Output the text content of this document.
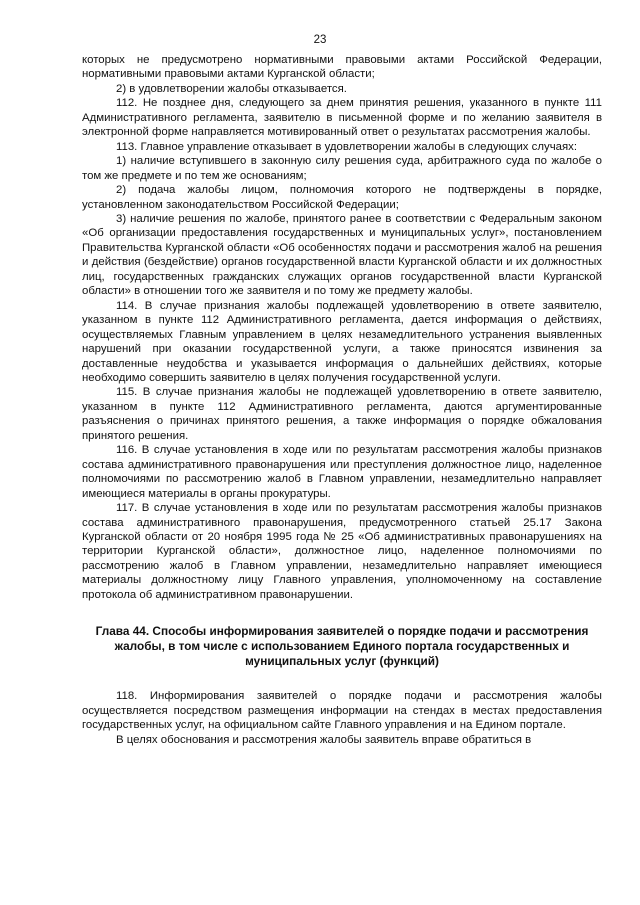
23

которых не предусмотрено нормативными правовыми актами Российской Федерации, нормативными правовыми актами Курганской области;

2) в удовлетворении жалобы отказывается.

112. Не позднее дня, следующего за днем принятия решения, указанного в пункте 111 Административного регламента, заявителю в письменной форме и по желанию заявителя в электронной форме направляется мотивированный ответ о результатах рассмотрения жалобы.

113. Главное управление отказывает в удовлетворении жалобы в следующих случаях:

1) наличие вступившего в законную силу решения суда, арбитражного суда по жалобе о том же предмете и по тем же основаниям;

2) подача жалобы лицом, полномочия которого не подтверждены в порядке, установленном законодательством Российской Федерации;

3) наличие решения по жалобе, принятого ранее в соответствии с Федеральным законом «Об организации предоставления государственных и муниципальных услуг», постановлением Правительства Курганской области «Об особенностях подачи и рассмотрения жалоб на решения и действия (бездействие) органов государственной власти Курганской области и их должностных лиц, государственных гражданских служащих органов государственной власти Курганской области» в отношении того же заявителя и по тому же предмету жалобы.

114. В случае признания жалобы подлежащей удовлетворению в ответе заявителю, указанном в пункте 112 Административного регламента, дается информация о действиях, осуществляемых Главным управлением в целях незамедлительного устранения выявленных нарушений при оказании государственной услуги, а также приносятся извинения за доставленные неудобства и указывается информация о дальнейших действиях, которые необходимо совершить заявителю в целях получения государственной услуги.

115. В случае признания жалобы не подлежащей удовлетворению в ответе заявителю, указанном в пункте 112 Административного регламента, даются аргументированные разъяснения о причинах принятого решения, а также информация о порядке обжалования принятого решения.

116. В случае установления в ходе или по результатам рассмотрения жалобы признаков состава административного правонарушения или преступления должностное лицо, наделенное полномочиями по рассмотрению жалоб в Главном управлении, незамедлительно направляет имеющиеся материалы в органы прокуратуры.

117. В случае установления в ходе или по результатам рассмотрения жалобы признаков состава административного правонарушения, предусмотренного статьей 25.17 Закона Курганской области от 20 ноября 1995 года № 25 «Об административных правонарушениях на территории Курганской области», должностное лицо, наделенное полномочиями по рассмотрению жалоб в Главном управлении, незамедлительно направляет имеющиеся материалы должностному лицу Главного управления, уполномоченному на составление протокола об административном правонарушении.

Глава 44. Способы информирования заявителей о порядке подачи и рассмотрения жалобы, в том числе с использованием Единого портала государственных и муниципальных услуг (функций)

118. Информирования заявителей о порядке подачи и рассмотрения жалобы осуществляется посредством размещения информации на стендах в местах предоставления государственных услуг, на официальном сайте Главного управления и на Едином портале.

В целях обоснования и рассмотрения жалобы заявитель вправе обратиться в
